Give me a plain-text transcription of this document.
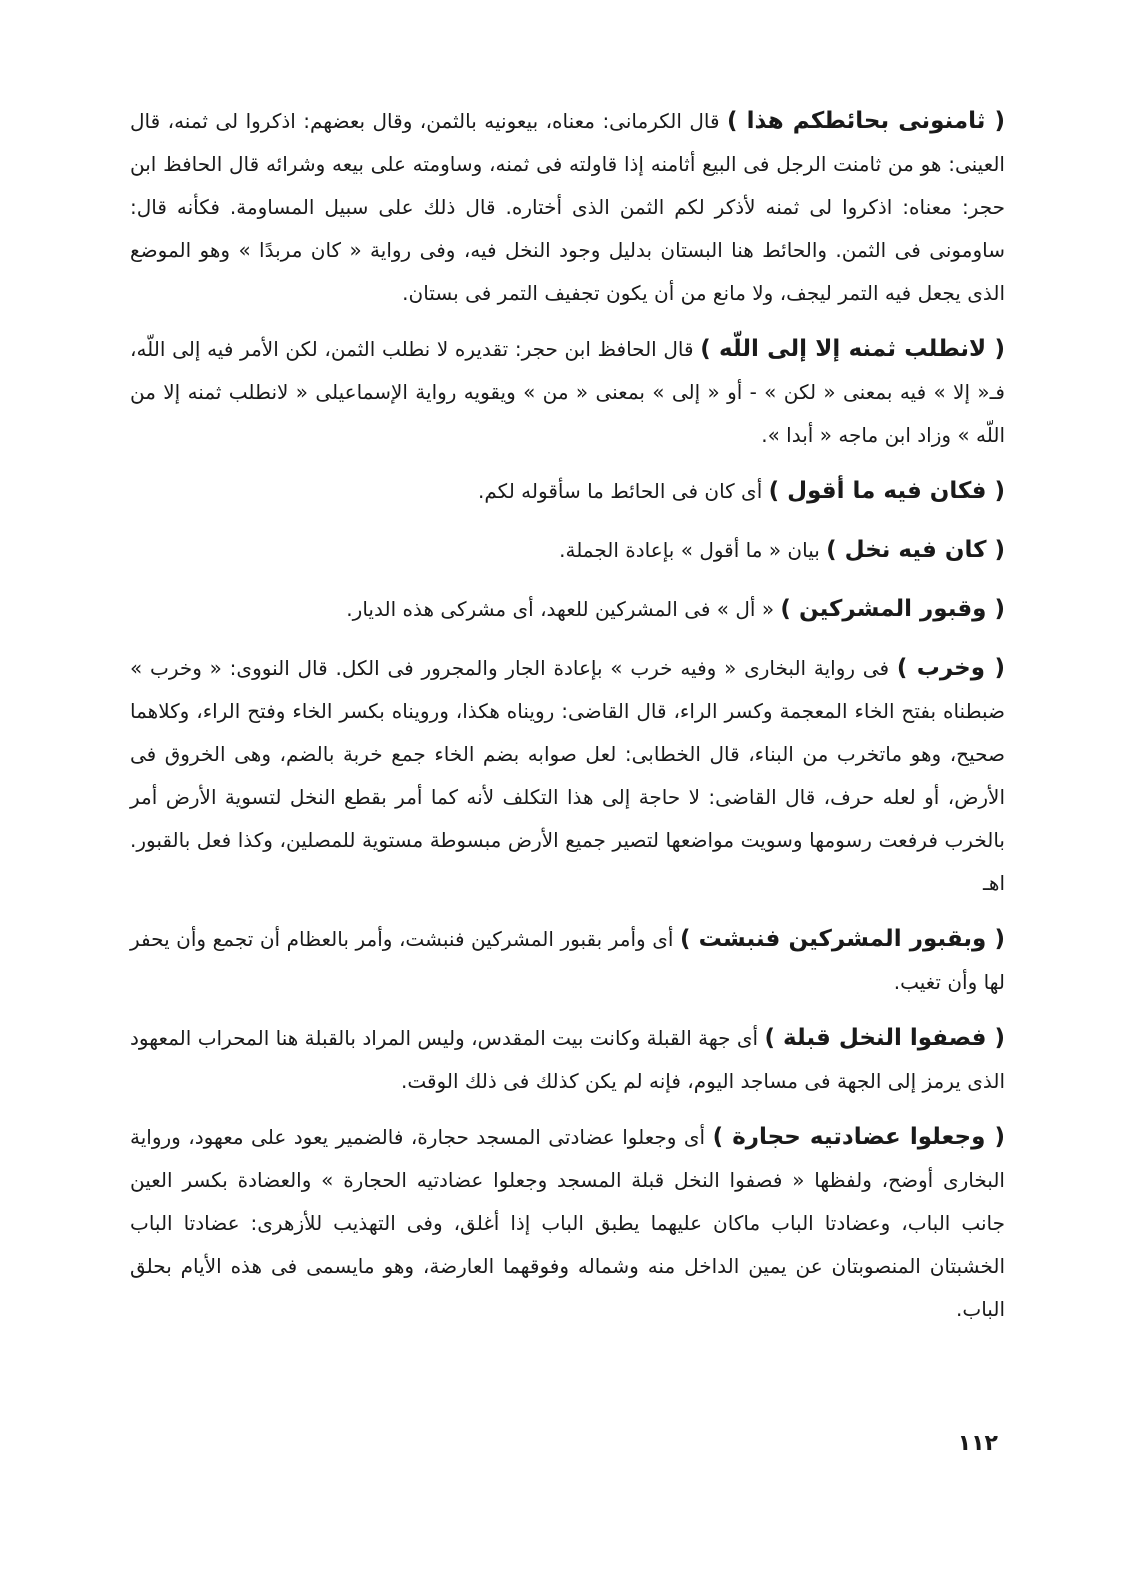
( ثامنونى بحائطكم هذا ) قال الكرمانى: معناه، بيعونيه بالثمن، وقال بعضهم: اذكروا لى ثمنه، قال العينى: هو من ثامنت الرجل فى البيع أثامنه إذا قاولته فى ثمنه، وساومته على بيعه وشرائه قال الحافظ ابن حجر: معناه: اذكروا لى ثمنه لأذكر لكم الثمن الذى أختاره. قال ذلك على سبيل المساومة. فكأنه قال: ساومونى فى الثمن. والحائط هنا البستان بدليل وجود النخل فيه، وفى رواية « كان مربدًا » وهو الموضع الذى يجعل فيه التمر ليجف، ولا مانع من أن يكون تجفيف التمر فى بستان.

( لانطلب ثمنه إلا إلى اللّه ) قال الحافظ ابن حجر: تقديره لا نطلب الثمن، لكن الأمر فيه إلى اللّه، فـ« إلا » فيه بمعنى « لكن » - أو « إلى » بمعنى « من » ويقويه رواية الإسماعيلى « لانطلب ثمنه إلا من اللّه » وزاد ابن ماجه « أبدا ».

( فكان فيه ما أقول ) أى كان فى الحائط ما سأقوله لكم.

( كان فيه نخل ) بيان « ما أقول » بإعادة الجملة.

( وقبور المشركين ) « أل » فى المشركين للعهد، أى مشركى هذه الديار.

( وخرب ) فى رواية البخارى « وفيه خرب » بإعادة الجار والمجرور فى الكل. قال النووى: « وخرب » ضبطناه بفتح الخاء المعجمة وكسر الراء، قال القاضى: رويناه هكذا، ورويناه بكسر الخاء وفتح الراء، وكلاهما صحيح، وهو ماتخرب من البناء، قال الخطابى: لعل صوابه بضم الخاء جمع خربة بالضم، وهى الخروق فى الأرض، أو لعله حرف، قال القاضى: لا حاجة إلى هذا التكلف لأنه كما أمر بقطع النخل لتسوية الأرض أمر بالخرب فرفعت رسومها وسويت مواضعها لتصير جميع الأرض مبسوطة مستوية للمصلين، وكذا فعل بالقبور. اهـ

( وبقبور المشركين فنبشت ) أى وأمر بقبور المشركين فنبشت، وأمر بالعظام أن تجمع وأن يحفر لها وأن تغيب.

( فصفوا النخل قبلة ) أى جهة القبلة وكانت بيت المقدس، وليس المراد بالقبلة هنا المحراب المعهود الذى يرمز إلى الجهة فى مساجد اليوم، فإنه لم يكن كذلك فى ذلك الوقت.

( وجعلوا عضادتيه حجارة ) أى وجعلوا عضادتى المسجد حجارة، فالضمير يعود على معهود، ورواية البخارى أوضح، ولفظها « فصفوا النخل قبلة المسجد وجعلوا عضادتيه الحجارة » والعضادة بكسر العين جانب الباب، وعضادتا الباب ماكان عليهما يطبق الباب إذا أغلق، وفى التهذيب للأزهرى: عضادتا الباب الخشبتان المنصوبتان عن يمين الداخل منه وشماله وفوقهما العارضة، وهو مايسمى فى هذه الأيام بحلق الباب.

١١٢
